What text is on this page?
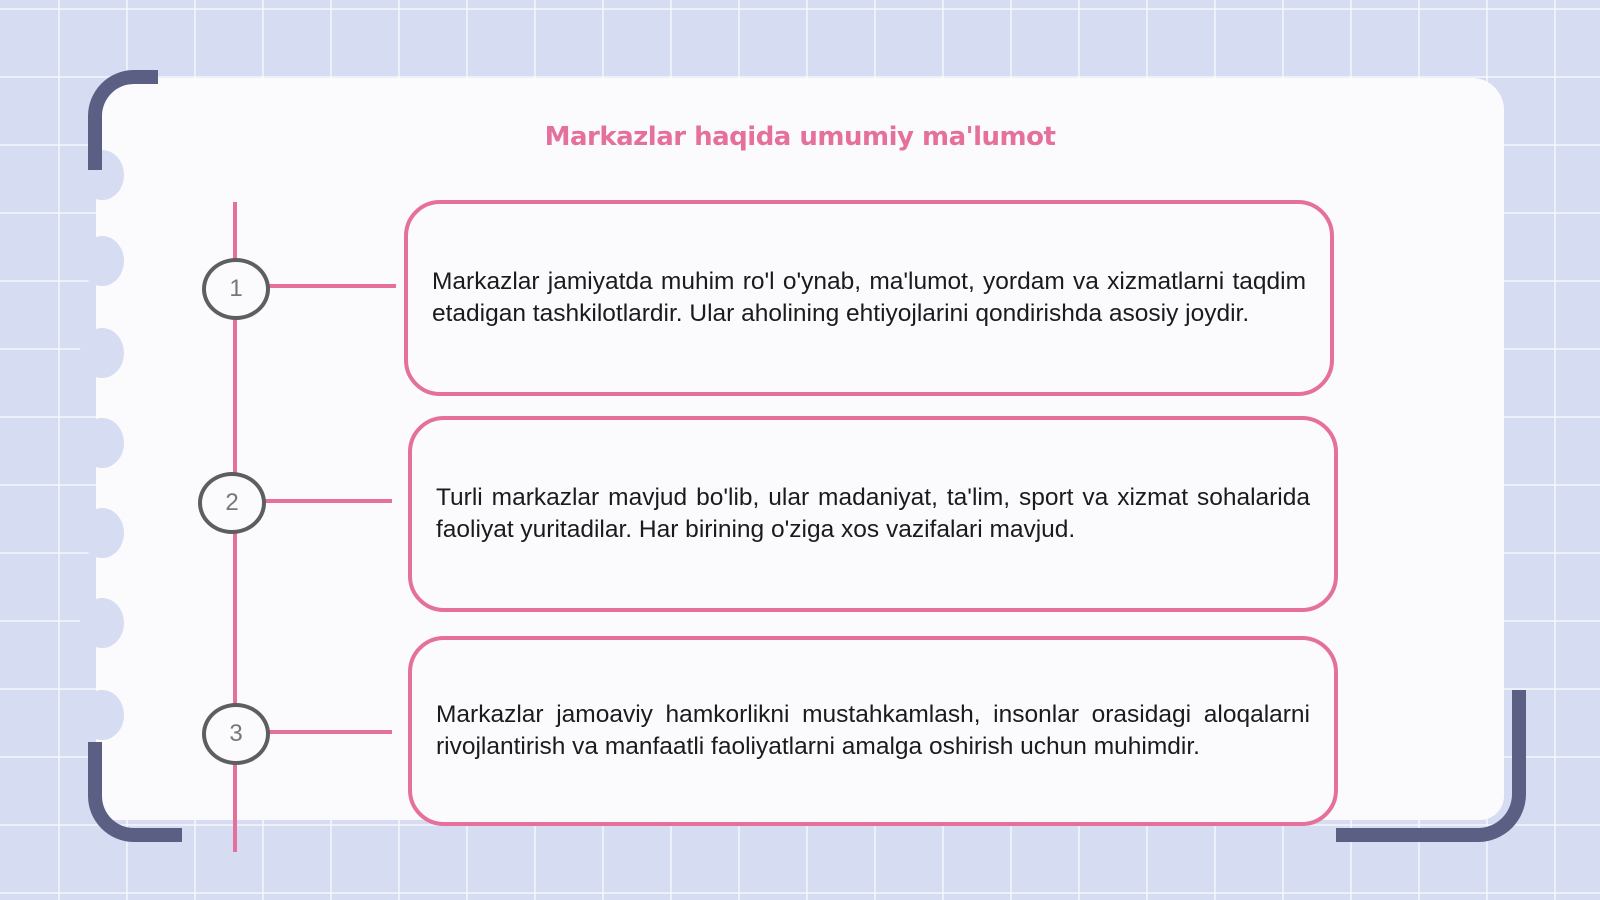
Markazlar haqida umumiy ma'lumot
1
2
3

Markazlar jamiyatda muhim ro'l o'ynab, ma'lumot, yordam va xizmatlarni taqdim etadigan tashkilotlardir. Ular aholining ehtiyojlarini qondirishda asosiy joydir.

Turli markazlar mavjud bo'lib, ular madaniyat, ta'lim, sport va xizmat sohalarida faoliyat yuritadilar. Har birining o'ziga xos vazifalari mavjud.

Markazlar jamoaviy hamkorlikni mustahkamlash, insonlar orasidagi aloqalarni rivojlantirish va manfaatli faoliyatlarni amalga oshirish uchun muhimdir.
